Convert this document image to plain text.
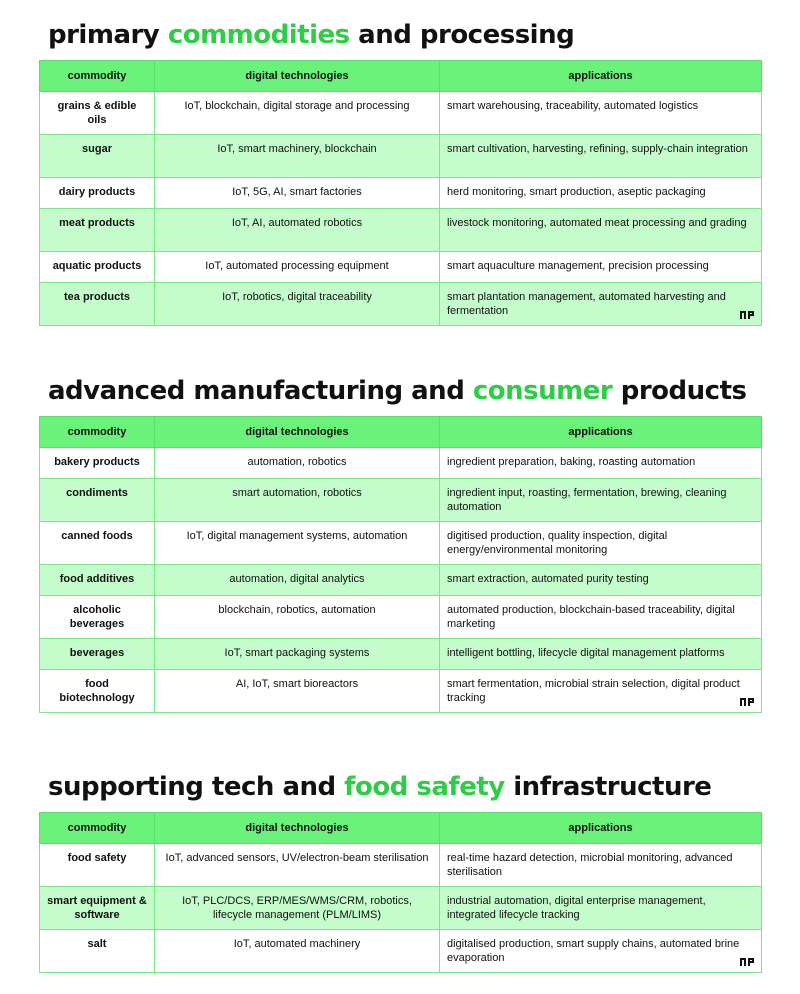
primary commodities and processing
commodity	digital technologies	applications
grains & edible oils	IoT, blockchain, digital storage and processing	smart warehousing, traceability, automated logistics
sugar	IoT, smart machinery, blockchain	smart cultivation, harvesting, refining, supply-chain integration
dairy products	IoT, 5G, AI, smart factories	herd monitoring, smart production, aseptic packaging
meat products	IoT, AI, automated robotics	livestock monitoring, automated meat processing and grading
aquatic products	IoT, automated processing equipment	smart aquaculture management, precision processing
tea products	IoT, robotics, digital traceability	smart plantation management, automated harvesting and fermentation
advanced manufacturing and consumer products
commodity	digital technologies	applications
bakery products	automation, robotics	ingredient preparation, baking, roasting automation
condiments	smart automation, robotics	ingredient input, roasting, fermentation, brewing, cleaning automation
canned foods	IoT, digital management systems, automation	digitised production, quality inspection, digital energy/environmental monitoring
food additives	automation, digital analytics	smart extraction, automated purity testing
alcoholic beverages	blockchain, robotics, automation	automated production, blockchain-based traceability, digital marketing
beverages	IoT, smart packaging systems	intelligent bottling, lifecycle digital management platforms
food biotechnology	AI, IoT, smart bioreactors	smart fermentation, microbial strain selection, digital product tracking
supporting tech and food safety infrastructure
commodity	digital technologies	applications
food safety	IoT, advanced sensors, UV/electron-beam sterilisation	real-time hazard detection, microbial monitoring, advanced sterilisation
smart equipment & software	IoT, PLC/DCS, ERP/MES/WMS/CRM, robotics, lifecycle management (PLM/LIMS)	industrial automation, digital enterprise management, integrated lifecycle tracking
salt	IoT, automated machinery	digitalised production, smart supply chains, automated brine evaporation
